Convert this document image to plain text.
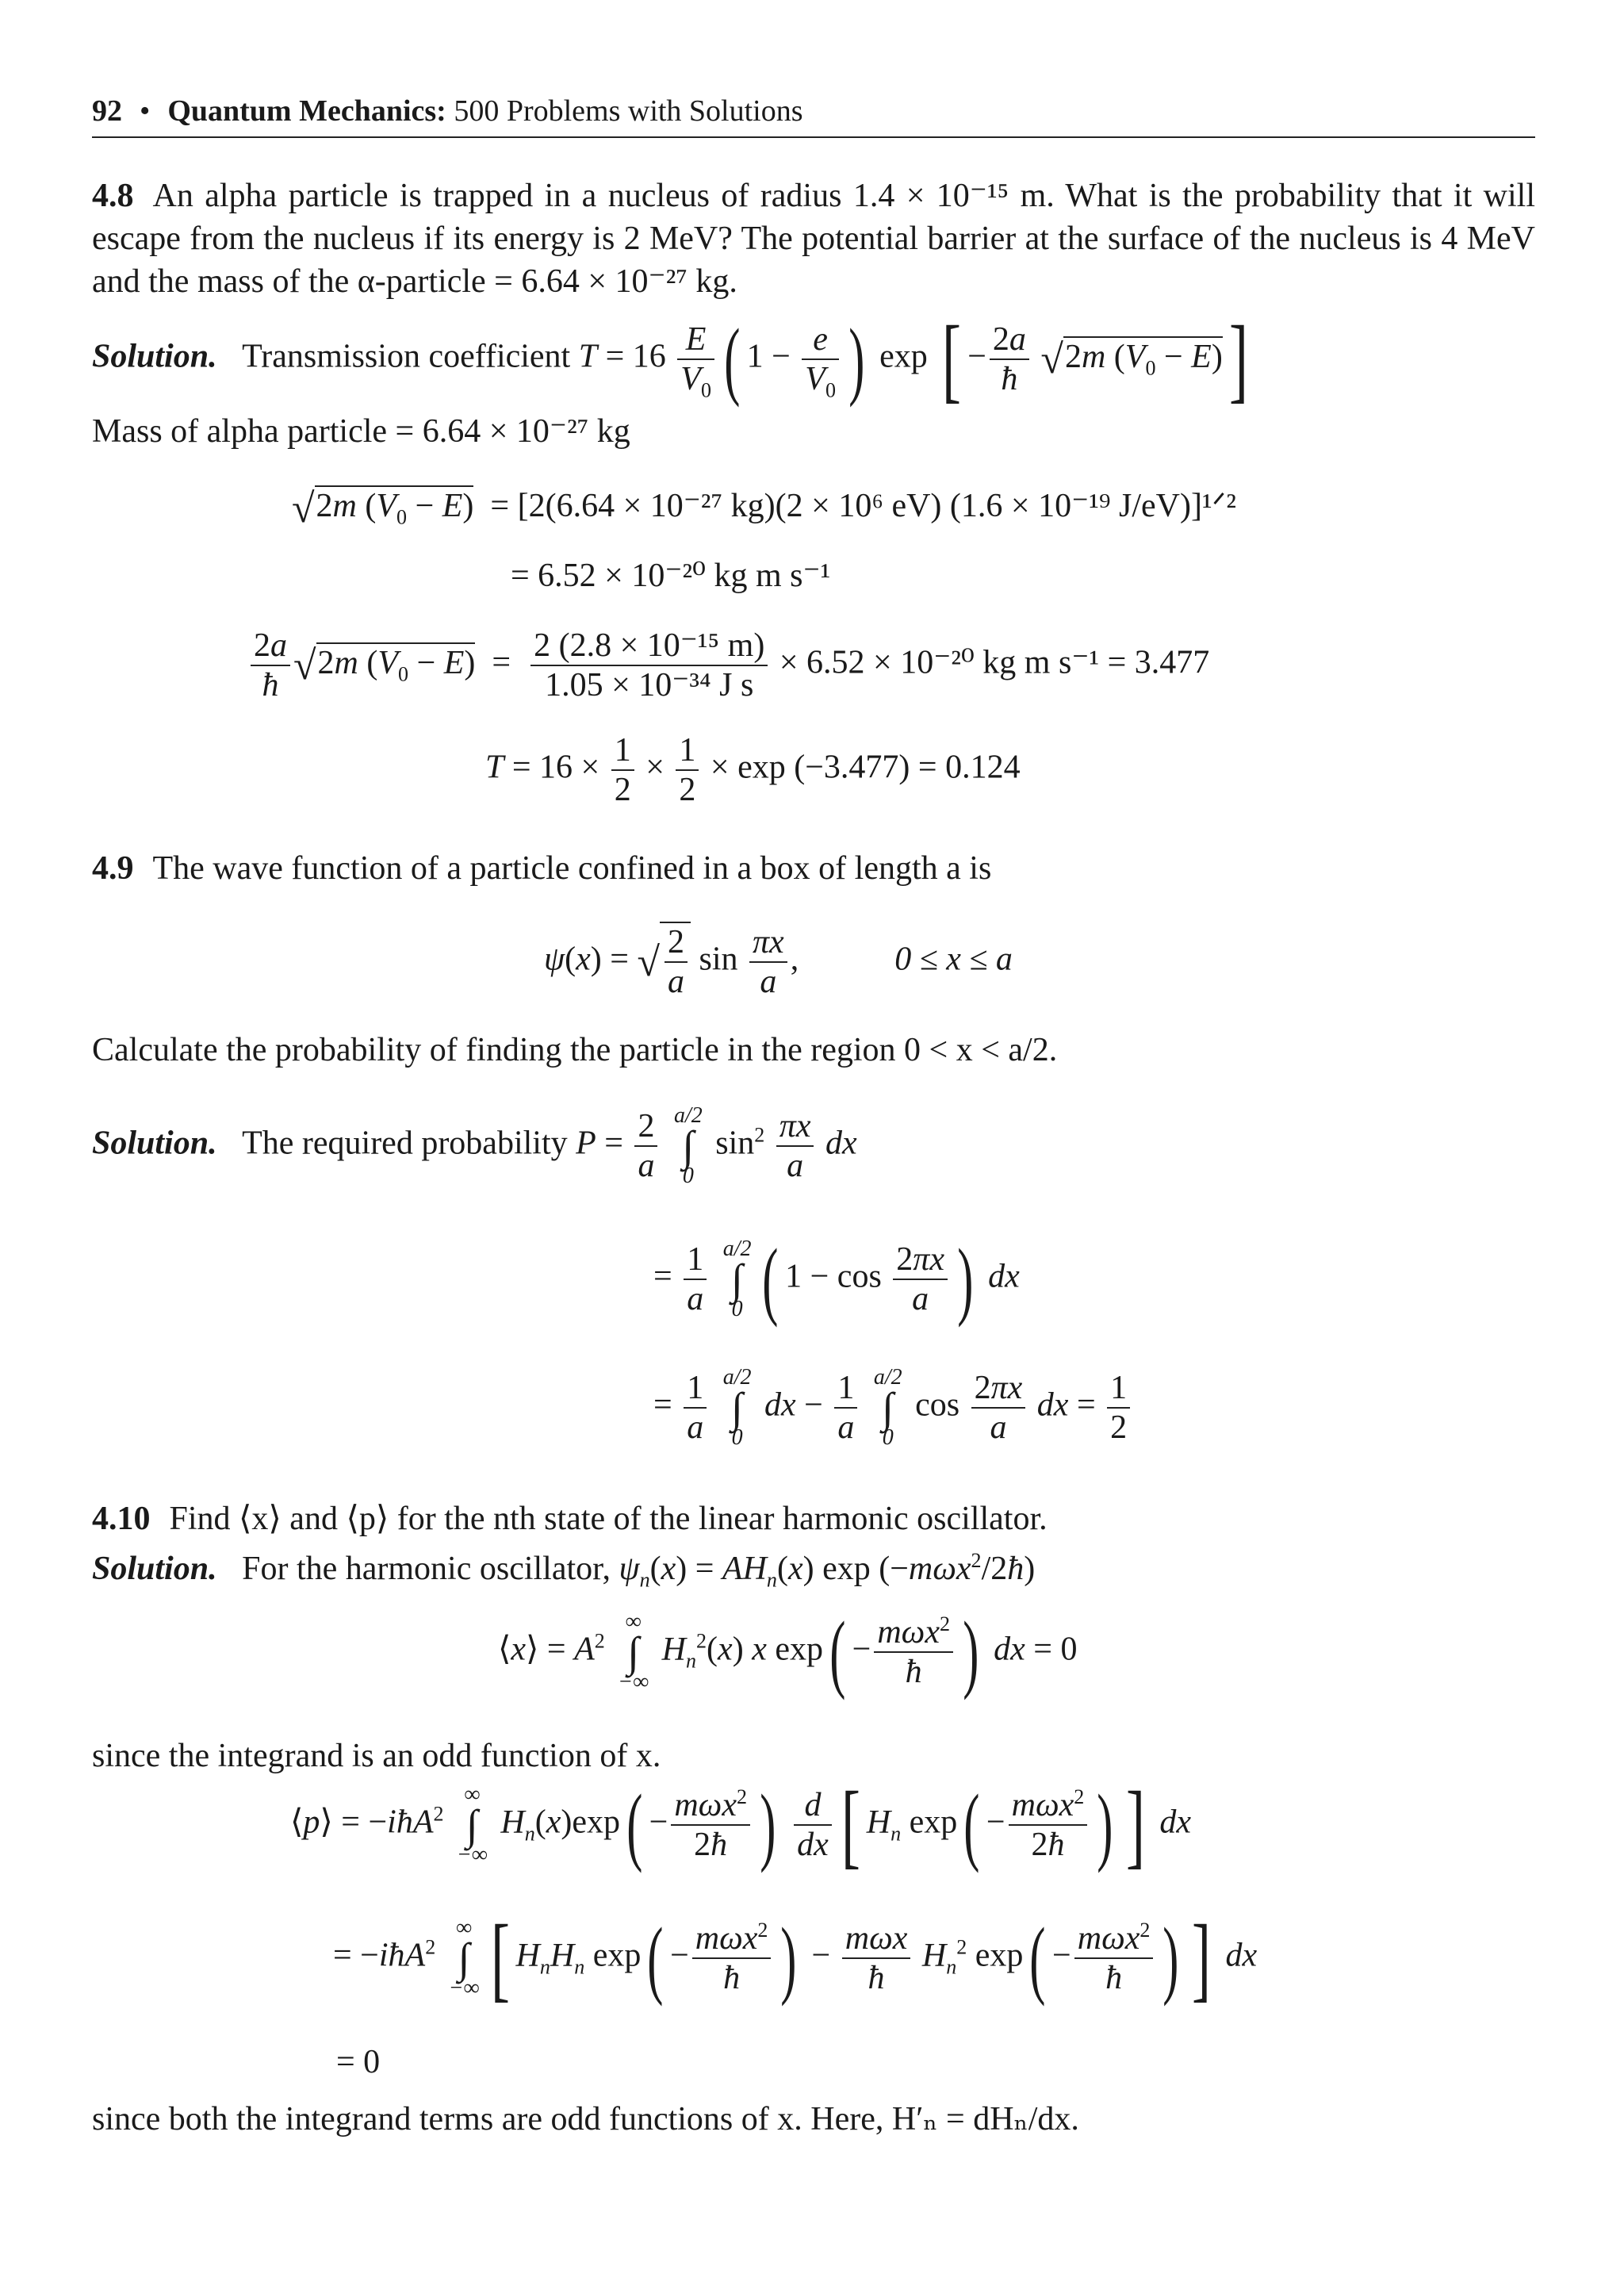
92 • Quantum Mechanics: 500 Problems with Solutions
4.8 An alpha particle is trapped in a nucleus of radius 1.4 × 10⁻¹⁵ m. What is the probability that it will escape from the nucleus if its energy is 2 MeV? The potential barrier at the surface of the nucleus is 4 MeV and the mass of the α-particle = 6.64 × 10⁻²⁷ kg.
Solution. Transmission coefficient $T = 16 \frac{E}{V_0}$ ( $1 - \frac{e}{V_0}$ ) exp [ − $\frac{2a}{ħ} √2m$ $(V_0 - E)$]
Mass of alpha particle = 6.64 × 10⁻²⁷ kg
√2m $(V_0 - E) = [2(6.64 \times 10^{-27}$ kg)(2 × 10⁶ eV) (1.6 × 10⁻¹⁹ J/eV)]¹ᐟ²
= 6.52 × 10⁻²⁰ kg m s⁻¹
$\frac{2a}{ħ} √2m$ $(V_0 - E) = \frac{\text{2 (2.8 × 10⁻¹⁵ m)}}{\text{1.05 × 10⁻³⁴ J s}} \times 6.52 \times 10^{-20}$ kg m s⁻¹ = 3.477
$T = 16 \times \frac{1}{2} \times \frac{1}{2} \times \exp (-3.477) = 0.124$
4.9 The wave function of a particle confined in a box of length a is
ψ(x) = √ $\frac{2}{a}$ $\sin \frac{\pi x}{a}$ ,	0 ≤ x ≤ a
Calculate the probability of finding the particle in the region 0 < x < a/2.
Solution. The required probability $P = \frac{2}{a}$
a/2
∫
0
$\sin^2 \frac{\pi x}{a}$ dx
= $\frac{1}{a}$
a/2
∫
0 ( $1 - \cos \frac{2\pi x}{a}$ ) dx
= $\frac{1}{a}$
a/2
∫
0
dx − $\frac{1}{a}$
a/2
∫
0
$\cos \frac{2\pi x}{a}$ dx = $\frac{1}{2}$
4.10 Find ⟨x⟩ and ⟨p⟩ for the nth state of the linear harmonic oscillator.
Solution. For the harmonic oscillator, $\psi_n(x) = AH_n(x)$ exp (−mωx$^2$/2ħ)
⟨x⟩ = $A^2$
∞
∫
−∞
$H_n^2(x)$ x $\exp( - \frac{m\omega x^2}{ħ}$ ) dx = 0
since the integrand is an odd function of x.
⟨p⟩ = −iħA$^2$
∞
∫
−∞
$H_n(x)\exp( - \frac{m\omega x^2}{2ħ}$ ) $\frac{d}{dx}$ [ $H_n$ $\exp( - \frac{m\omega x^2}{2ħ}$ ) ] dx
= −iħA$^2$
∞
∫
−∞ [ $H_nH_n$ $\exp( - \frac{m\omega x^2}{ħ}$ ) − $\frac{\text{mωx}}{ħ} H_n^2$ $\exp( - \frac{m\omega x^2}{ħ}$ ) ] dx
= 0
since both the integrand terms are odd functions of x. Here, H′ₙ = dHₙ/dx.
